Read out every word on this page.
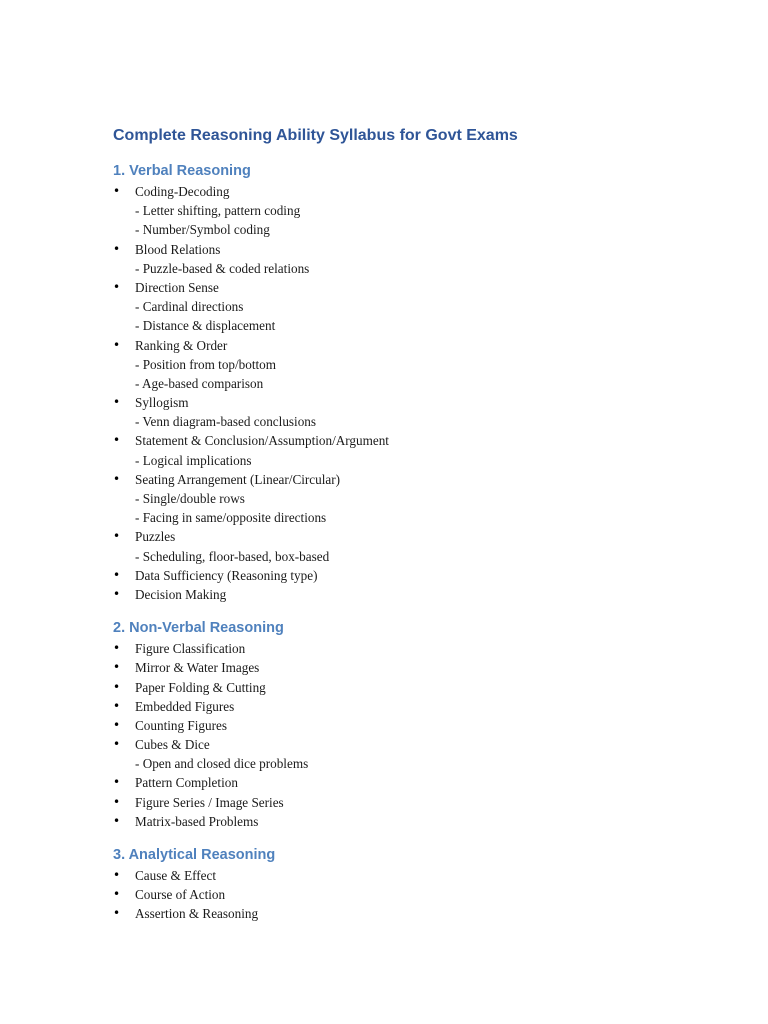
Complete Reasoning Ability Syllabus for Govt Exams
1. Verbal Reasoning
• Coding-Decoding
- Letter shifting, pattern coding
- Number/Symbol coding
• Blood Relations
- Puzzle-based & coded relations
• Direction Sense
- Cardinal directions
- Distance & displacement
• Ranking & Order
- Position from top/bottom
- Age-based comparison
• Syllogism
- Venn diagram-based conclusions
• Statement & Conclusion/Assumption/Argument
- Logical implications
• Seating Arrangement (Linear/Circular)
- Single/double rows
- Facing in same/opposite directions
• Puzzles
- Scheduling, floor-based, box-based
• Data Sufficiency (Reasoning type)
• Decision Making
2. Non-Verbal Reasoning
• Figure Classification
• Mirror & Water Images
• Paper Folding & Cutting
• Embedded Figures
• Counting Figures
• Cubes & Dice
- Open and closed dice problems
• Pattern Completion
• Figure Series / Image Series
• Matrix-based Problems
3. Analytical Reasoning
• Cause & Effect
• Course of Action
• Assertion & Reasoning
